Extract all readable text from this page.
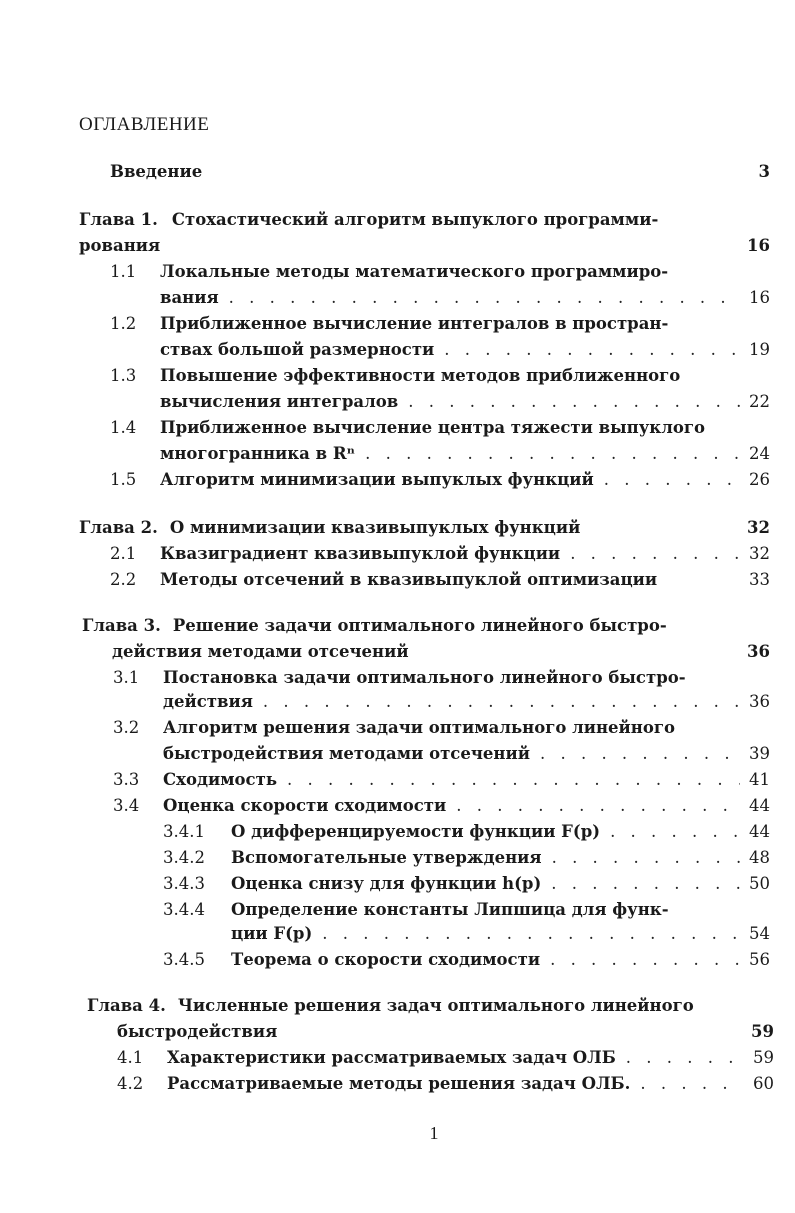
ОГЛАВЛЕНИЕ
Введение	3
Глава 1. Стохастический алгоритм выпуклого программи-
рования	16
1.1	Локальные методы математического программиро-
вания . . .	16
1.2	Приближенное вычисление интегралов в простран-
ствах большой размерности . . .	19
1.3	Повышение эффективности методов приближенного
вычисления интегралов . . .	22
1.4	Приближенное вычисление центра тяжести выпуклого
многогранника в Rⁿ . . .	24
1.5	Алгоритм минимизации выпуклых функций . . .	26
Глава 2. О минимизации квазивыпуклых функций	32
2.1	Квазиградиент квазивыпуклой функции . . .	32
2.2	Методы отсечений в квазивыпуклой оптимизации	33
Глава 3. Решение задачи оптимального линейного быстро-
действия методами отсечений	36
3.1	Постановка задачи оптимального линейного быстро-
действия . . .	36
3.2	Алгоритм решения задачи оптимального линейного
быстродействия методами отсечений . . .	39
3.3	Сходимость . . .	41
3.4	Оценка скорости сходимости . . .	44
3.4.1	О дифференцируемости функции F(p) . . .	44
3.4.2	Вспомогательные утверждения . . .	48
3.4.3	Оценка снизу для функции h(p) . . .	50
3.4.4	Определение константы Липшица для функ-
ции F(p) . . .	54
3.4.5	Теорема о скорости сходимости . . .	56
Глава 4. Численные решения задач оптимального линейного
быстродействия	59
4.1	Характеристики рассматриваемых задач ОЛБ . . .	59
4.2	Рассматриваемые методы решения задач ОЛБ. . . .	60
1
